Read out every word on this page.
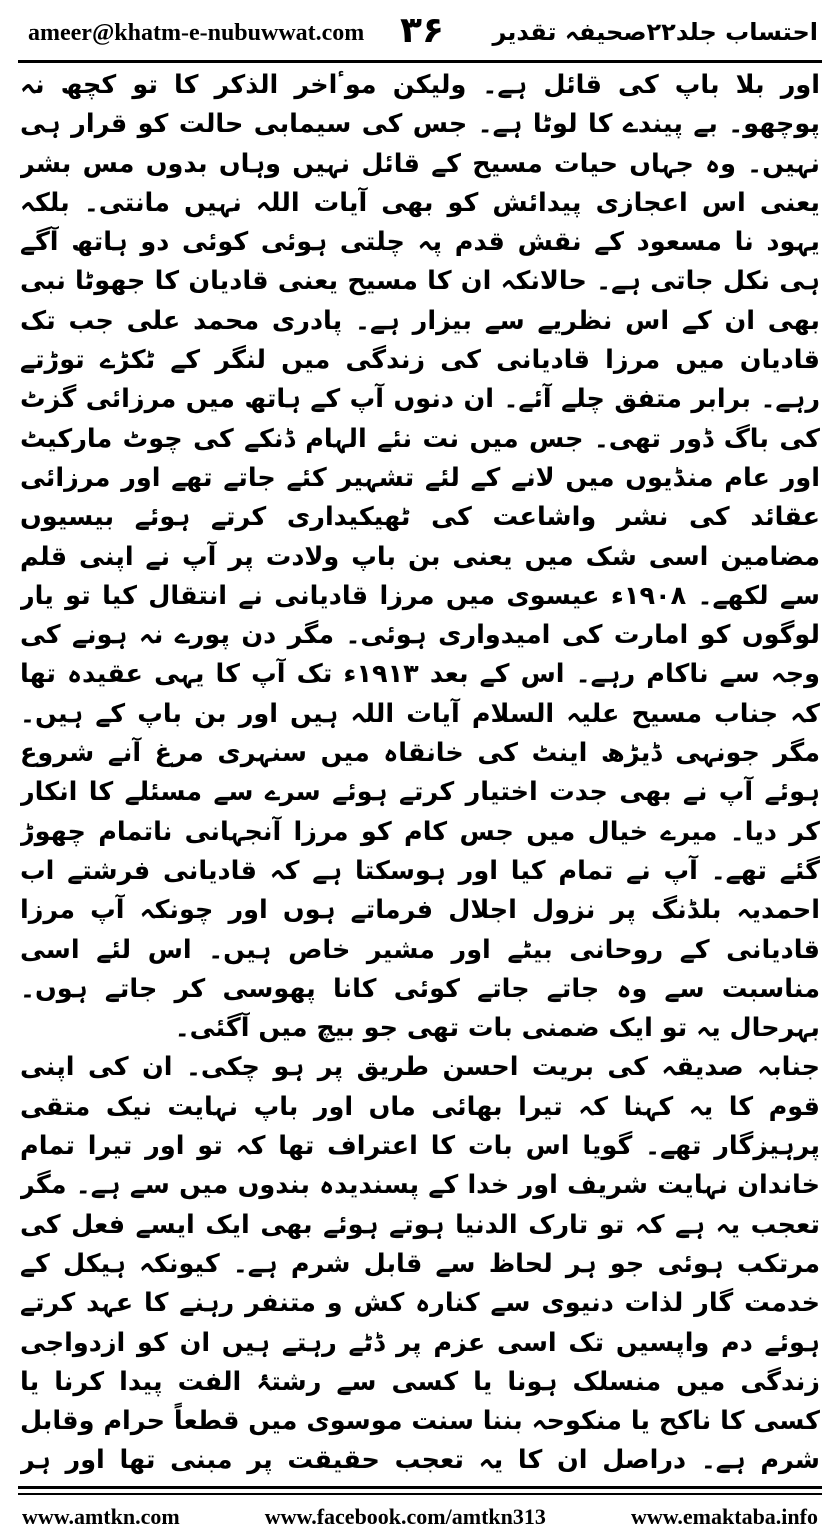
ameer@khatm-e-nubuwwat.com ۳۶ احتساب جلد۲۲صحیفہ تقدیر

اور بلا باپ کی قائل ہے۔ ولیکن موٴاخر الذکر کا تو کچھ نہ پوچھو۔ بے پیندے کا لوٹا ہے۔ جس کی سیمابی حالت کو قرار ہی نہیں۔ وہ جہاں حیات مسیح کے قائل نہیں وہاں بدوں مس بشر یعنی اس اعجازی پیدائش کو بھی آیات اللہ نہیں مانتی۔ بلکہ یہود نا مسعود کے نقش قدم پہ چلتی ہوئی کوئی دو ہاتھ آگے ہی نکل جاتی ہے۔ حالانکہ ان کا مسیح یعنی قادیان کا جھوٹا نبی بھی ان کے اس نظریے سے بیزار ہے۔ پادری محمد علی جب تک قادیان میں مرزا قادیانی کی زندگی میں لنگر کے ٹکڑے توڑتے رہے۔ برابر متفق چلے آئے۔ ان دنوں آپ کے ہاتھ میں مرزائی گزٹ کی باگ ڈور تھی۔ جس میں نت نئے الہام ڈنکے کی چوٹ مارکیٹ اور عام منڈیوں میں لانے کے لئے تشہیر کئے جاتے تھے اور مرزائی عقائد کی نشر واشاعت کی ٹھیکیداری کرتے ہوئے بیسیوں مضامین اسی شک میں یعنی بن باپ ولادت پر آپ نے اپنی قلم سے لکھے۔ ۱۹۰۸ء عیسوی میں مرزا قادیانی نے انتقال کیا تو یار لوگوں کو امارت کی امیدواری ہوئی۔ مگر دن پورے نہ ہونے کی وجہ سے ناکام رہے۔ اس کے بعد ۱۹۱۳ء تک آپ کا یہی عقیدہ تھا کہ جناب مسیح علیہ السلام آیات اللہ ہیں اور بن باپ کے ہیں۔ مگر جونہی ڈیڑھ اینٹ کی خانقاہ میں سنہری مرغ آنے شروع ہوئے آپ نے بھی جدت اختیار کرتے ہوئے سرے سے مسئلے کا انکار کر دیا۔ میرے خیال میں جس کام کو مرزا آنجہانی ناتمام چھوڑ گئے تھے۔ آپ نے تمام کیا اور ہوسکتا ہے کہ قادیانی فرشتے اب احمدیہ بلڈنگ پر نزول اجلال فرماتے ہوں اور چونکہ آپ مرزا قادیانی کے روحانی بیٹے اور مشیر خاص ہیں۔ اس لئے اسی مناسبت سے وہ جاتے جاتے کوئی کانا پھوسی کر جاتے ہوں۔ بہرحال یہ تو ایک ضمنی بات تھی جو بیچ میں آگئی۔

جنابہ صدیقہ کی بریت احسن طریق پر ہو چکی۔ ان کی اپنی قوم کا یہ کہنا کہ تیرا بھائی ماں اور باپ نہایت نیک متقی پرہیزگار تھے۔ گویا اس بات کا اعتراف تھا کہ تو اور تیرا تمام خاندان نہایت شریف اور خدا کے پسندیدہ بندوں میں سے ہے۔ مگر تعجب یہ ہے کہ تو تارک الدنیا ہوتے ہوئے بھی ایک ایسے فعل کی مرتکب ہوئی جو ہر لحاظ سے قابل شرم ہے۔ کیونکہ ہیکل کے خدمت گار لذات دنیوی سے کنارہ کش و متنفر رہنے کا عہد کرتے ہوئے دم واپسیں تک اسی عزم پر ڈٹے رہتے ہیں ان کو ازدواجی زندگی میں منسلک ہونا یا کسی سے رشتۂ الفت پیدا کرنا یا کسی کا ناکح یا منکوحہ بننا سنت موسوی میں قطعاً حرام وقابل شرم ہے۔ دراصل ان کا یہ تعجب حقیقت پر مبنی تھا اور ہر

www.amtkn.com	www.facebook.com/amtkn313	www.emaktaba.info
